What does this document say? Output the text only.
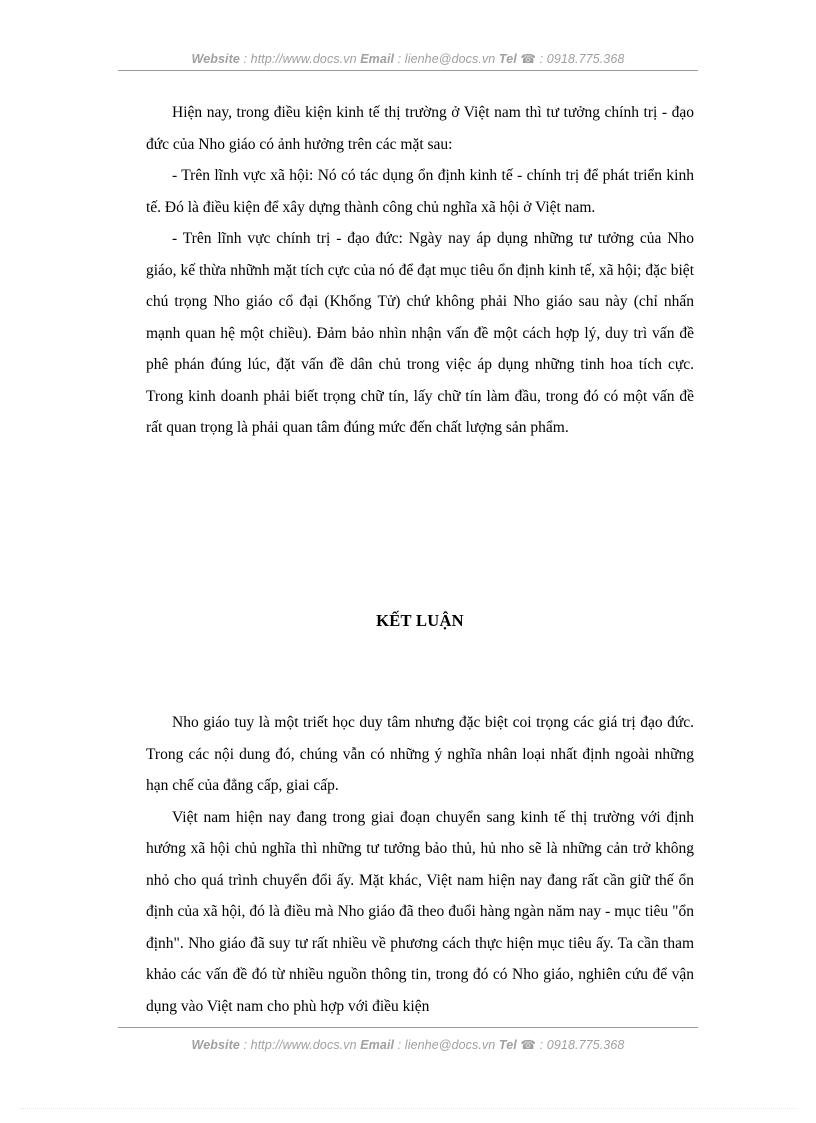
Website : http://www.docs.vn Email : lienhe@docs.vn Tel ☎ : 0918.775.368

Hiện nay, trong điều kiện kinh tế thị trường ở Việt nam thì tư tưởng chính trị - đạo đức của Nho giáo có ảnh hưởng trên các mặt sau:

- Trên lĩnh vực xã hội: Nó có tác dụng ổn định kinh tế - chính trị để phát triển kinh tế. Đó là điều kiện để xây dựng thành công chủ nghĩa xã hội ở Việt nam.

- Trên lĩnh vực chính trị - đạo đức: Ngày nay áp dụng những tư tưởng của Nho giáo, kế thừa nhữnh mặt tích cực của nó để đạt mục tiêu ổn định kinh tế, xã hội; đặc biệt chú trọng Nho giáo cổ đại (Khổng Tử) chứ không phải Nho giáo sau này (chỉ nhấn mạnh quan hệ một chiều). Đảm bảo nhìn nhận vấn đề một cách hợp lý, duy trì vấn đề phê phán đúng lúc, đặt vấn đề dân chủ trong việc áp dụng những tinh hoa tích cực. Trong kinh doanh phải biết trọng chữ tín, lấy chữ tín làm đầu, trong đó có một vấn đề rất quan trọng là phải quan tâm đúng mức đến chất lượng sản phẩm.

KẾT LUẬN

Nho giáo tuy là một triết học duy tâm nhưng đặc biệt coi trọng các giá trị đạo đức. Trong các nội dung đó, chúng vẫn có những ý nghĩa nhân loại nhất định ngoài những hạn chế của đẳng cấp, giai cấp.

Việt nam hiện nay đang trong giai đoạn chuyển sang kinh tế thị trường với định hướng xã hội chủ nghĩa thì những tư tưởng bảo thủ, hủ nho sẽ là những cản trở không nhỏ cho quá trình chuyển đổi ấy. Mặt khác, Việt nam hiện nay đang rất cần giữ thế ổn định của xã hội, đó là điều mà Nho giáo đã theo đuổi hàng ngàn năm nay - mục tiêu "ổn định". Nho giáo đã suy tư rất nhiều về phương cách thực hiện mục tiêu ấy. Ta cần tham khảo các vấn đề đó từ nhiều nguồn thông tin, trong đó có Nho giáo, nghiên cứu để vận dụng vào Việt nam cho phù hợp với điều kiện

Website : http://www.docs.vn Email : lienhe@docs.vn Tel ☎ : 0918.775.368
